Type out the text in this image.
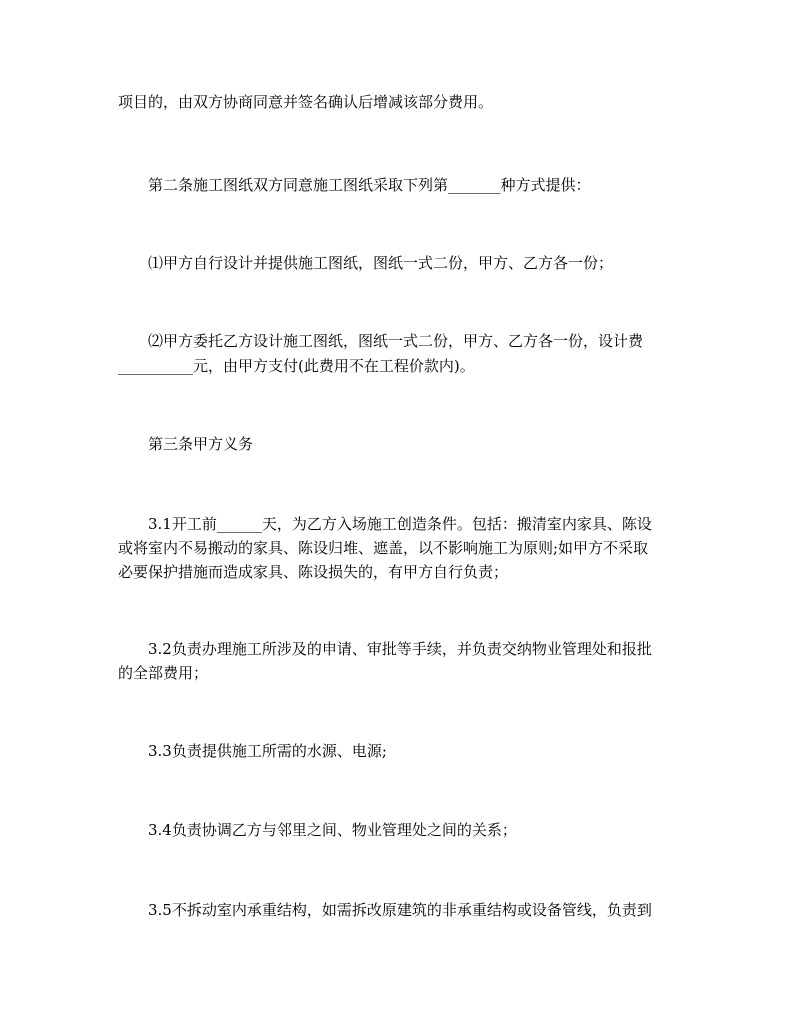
项目的，由双方协商同意并签名确认后增减该部分费用。
第二条施工图纸双方同意施工图纸采取下列第_______种方式提供：
⑴甲方自行设计并提供施工图纸，图纸一式二份，甲方、乙方各一份；
⑵甲方委托乙方设计施工图纸，图纸一式二份，甲方、乙方各一份，设计费
__________元，由甲方支付(此费用不在工程价款内)。
第三条甲方义务
3.1开工前______天，为乙方入场施工创造条件。包括：搬清室内家具、陈设
或将室内不易搬动的家具、陈设归堆、遮盖，以不影响施工为原则;如甲方不采取
必要保护措施而造成家具、陈设损失的，有甲方自行负责；
3.2负责办理施工所涉及的申请、审批等手续，并负责交纳物业管理处和报批
的全部费用；
3.3负责提供施工所需的水源、电源;
3.4负责协调乙方与邻里之间、物业管理处之间的关系；
3.5不拆动室内承重结构，如需拆改原建筑的非承重结构或设备管线，负责到
